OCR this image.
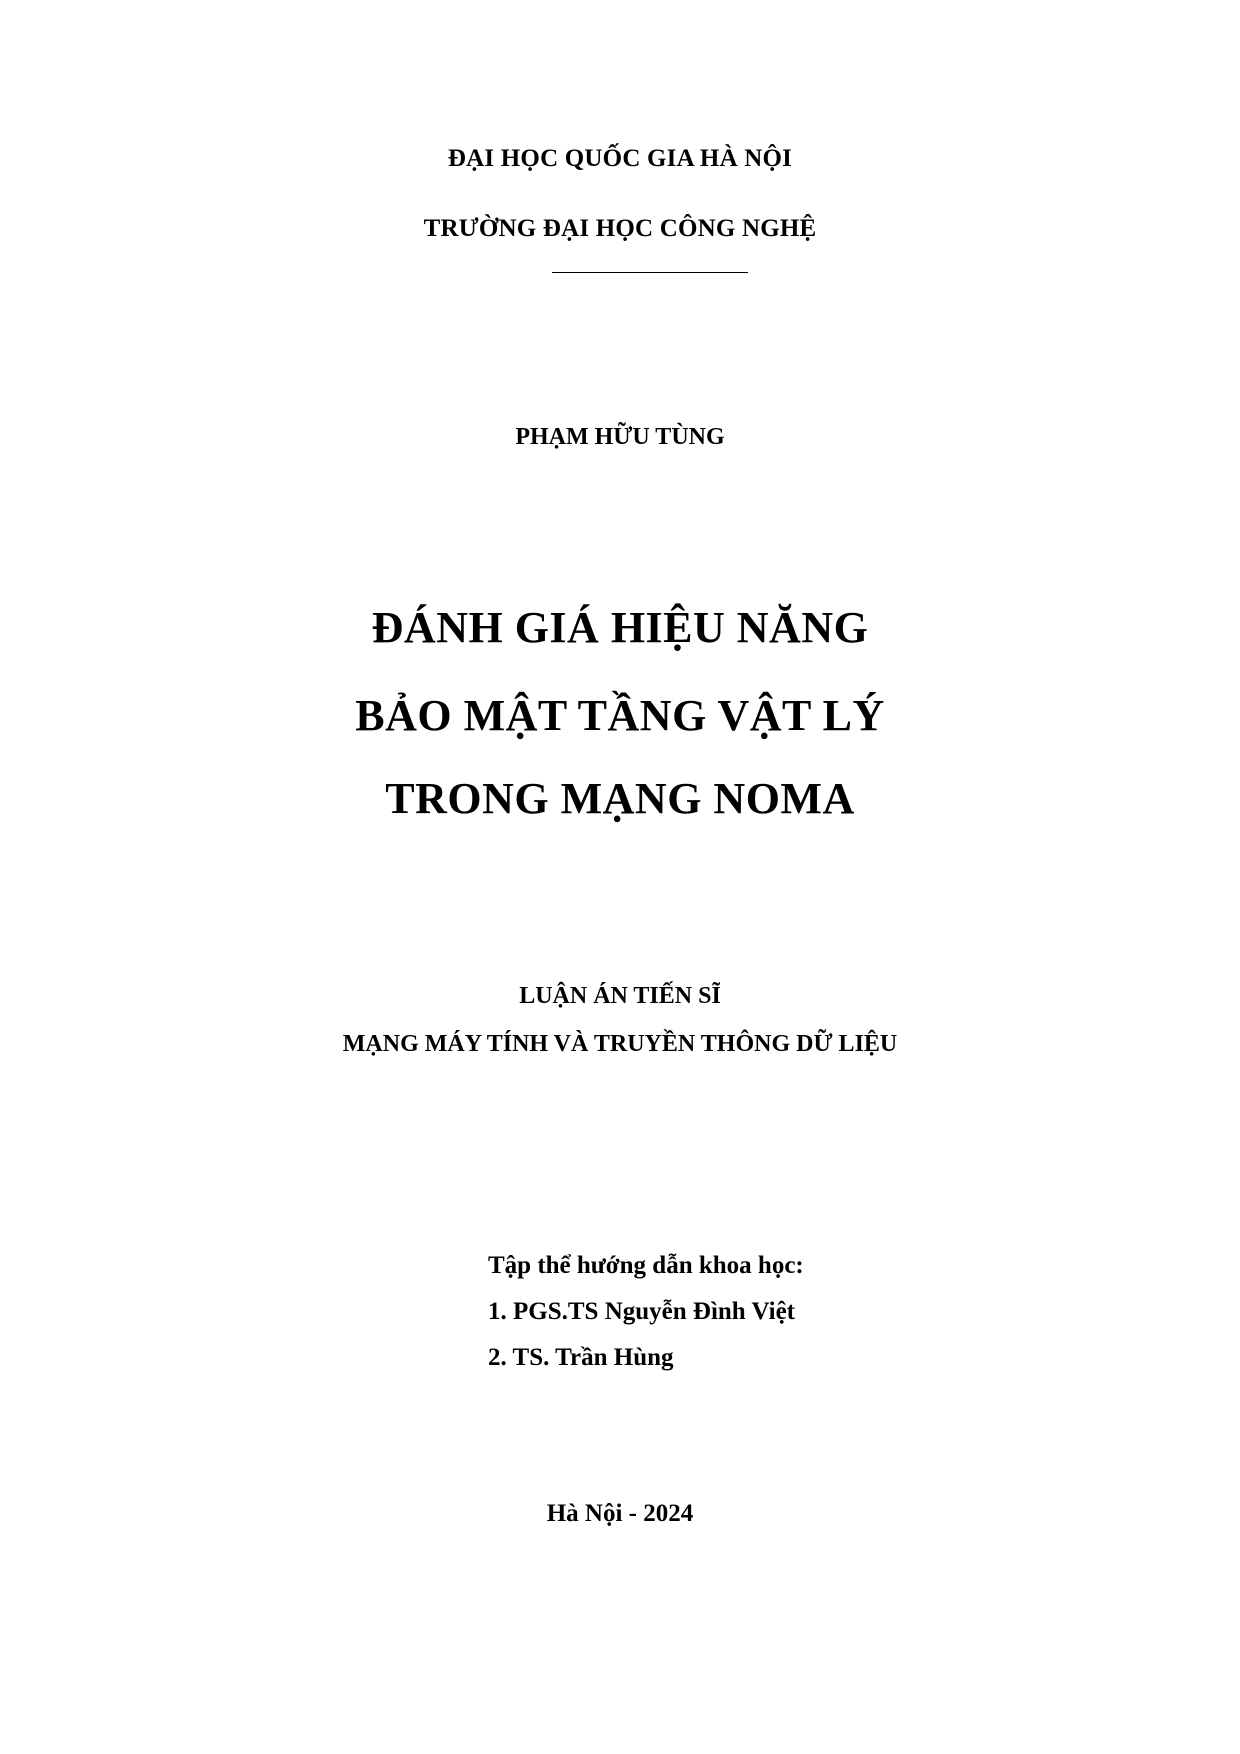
ĐẠI HỌC QUỐC GIA HÀ NỘI
TRƯỜNG ĐẠI HỌC CÔNG NGHỆ
PHẠM HỮU TÙNG
ĐÁNH GIÁ HIỆU NĂNG
BẢO MẬT TẦNG VẬT LÝ
TRONG MẠNG NOMA
LUẬN ÁN TIẾN SĨ
MẠNG MÁY TÍNH VÀ TRUYỀN THÔNG DỮ LIỆU
Tập thể hướng dẫn khoa học:
1. PGS.TS Nguyễn Đình Việt
2. TS. Trần Hùng
Hà Nội - 2024
